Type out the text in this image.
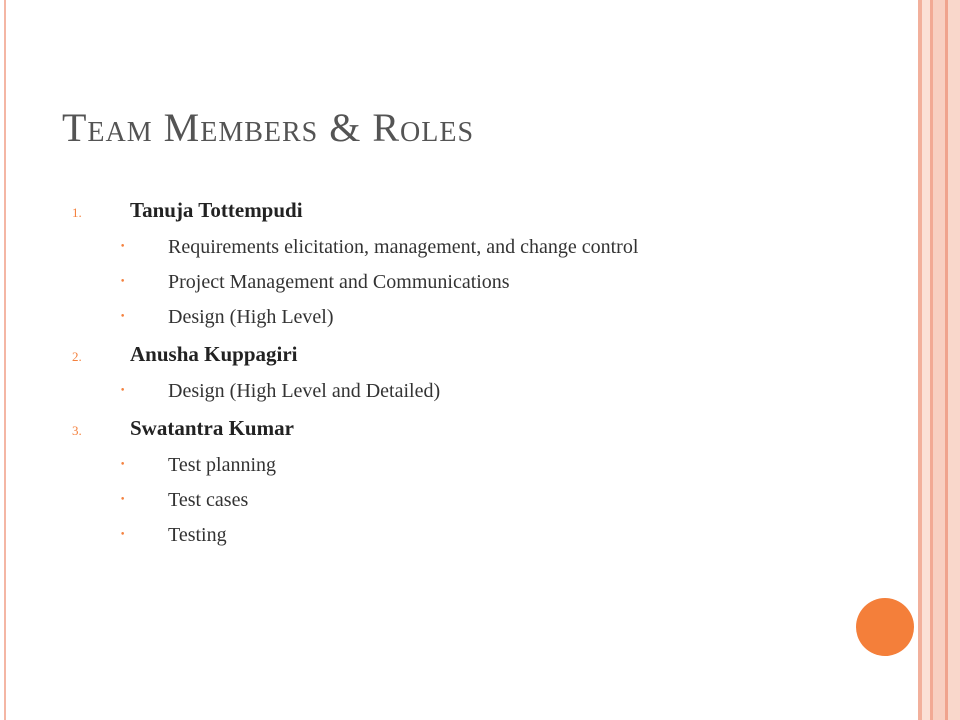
Team Members & Roles
1.	Tanuja Tottempudi
•	Requirements elicitation, management, and change control
•	Project Management and Communications
•	Design (High Level)
2.	Anusha Kuppagiri
•	Design (High Level and Detailed)
3.	Swatantra Kumar
•	Test planning
•	Test cases
•	Testing
